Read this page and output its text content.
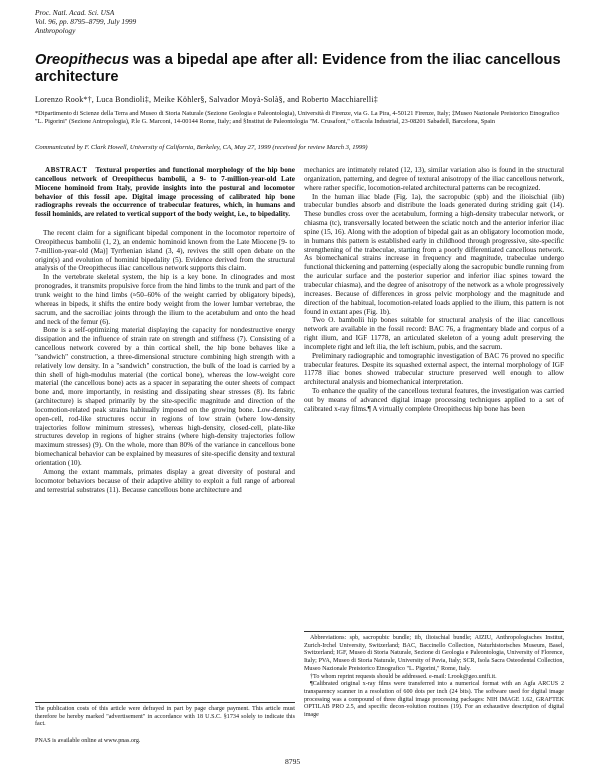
Proc. Natl. Acad. Sci. USA
Vol. 96, pp. 8795–8799, July 1999
Anthropology
Oreopithecus was a bipedal ape after all: Evidence from the iliac cancellous architecture
Lorenzo Rook*†, Luca Bondioli‡, Meike Köhler§, Salvador Moyà-Solà§, and Roberto Macchiarelli‡
*Dipartimento di Scienze della Terra and Museo di Storia Naturale (Sezione Geologia e Paleontologia), Università di Firenze, via G. La Pira, 4-50121 Firenze, Italy; ‡Museo Nazionale Preistorico Etnografico "L. Pigorini" (Sezione Antropologia), P.le G. Marconi, 14-00144 Rome, Italy; and §Institut de Paleontologia "M. Crusafont," c/Escola Industrial, 23-08201 Sabadell, Barcelona, Spain
Communicated by F. Clark Howell, University of California, Berkeley, CA, May 27, 1999 (received for review March 3, 1999)
ABSTRACT Textural properties and functional morphology of the hip bone cancellous network of Oreopithecus bambolii, a 9- to 7-million-year-old Late Miocene hominoid from Italy, provide insights into the postural and locomotor behavior of this fossil ape. Digital image processing of calibrated hip bone radiographs reveals the occurrence of trabecular features, which, in humans and fossil hominids, are related to vertical support of the body weight, i.e., to bipedality.

The recent claim for a significant bipedal component in the locomotor repertoire of Oreopithecus bambolii (1, 2), an endemic hominoid known from the Late Miocene [9- to 7-million-year-old (Ma)] Tyrrhenian island (3, 4), revives the still open debate on the origin(s) and evolution of hominid bipedality (5). Evidence derived from the structural analysis of the Oreopithecus iliac cancellous network supports this claim.

In the vertebrate skeletal system, the hip is a key bone. In clinogrades and most pronogrades, it transmits propulsive force from the hind limbs to the trunk and part of the trunk weight to the hind limbs (≈50–60% of the weight carried by obligatory bipeds), whereas in bipeds, it shifts the entire body weight from the lower lumbar vertebrae, the sacrum, and the sacroiliac joints through the ilium to the acetabulum and onto the head and neck of the femur (6).

Bone is a self-optimizing material displaying the capacity for nondestructive energy dissipation and the influence of strain rate on strength and stiffness (7). Consisting of a cancellous network covered by a thin cortical shell, the hip bone behaves like a "sandwich" construction, a three-dimensional structure combining high strength with a relatively low density. In a "sandwich" construction, the bulk of the load is carried by a thin shell of high-modulus material (the cortical bone), whereas the low-weight core material (the cancellous bone) acts as a spacer in separating the outer sheets of compact bone and, more importantly, in resisting and dissipating shear stresses (8). Its fabric (architecture) is shaped primarily by the site-specific magnitude and direction of the locomotion-related peak strains habitually imposed on the growing bone. Low-density, open-cell, rod-like structures occur in regions of low strain (where low-density trajectories follow minimum stresses), whereas high-density, closed-cell, plate-like structures develop in regions of higher strains (where high-density trajectories follow maximum stresses) (9). On the whole, more than 80% of the variance in cancellous bone biomechanical behavior can be explained by measures of site-specific density and textural orientation (10).

Among the extant mammals, primates display a great diversity of postural and locomotor behaviors because of their adaptive ability to exploit a full range of arboreal and terrestrial substrates (11). Because cancellous bone architecture and

The publication costs of this article were defrayed in part by page charge payment. This article must therefore be hereby marked "advertisement" in accordance with 18 U.S.C. §1734 solely to indicate this fact.
PNAS is available online at www.pnas.org.

mechanics are intimately related (12, 13), similar variation also is found in the structural organization, patterning, and degree of textural anisotropy of the iliac cancellous network, where rather specific, locomotion-related architectural patterns can be recognized.

In the human iliac blade (Fig. 1a), the sacropubic (spb) and the ilioischial (iib) trabecular bundles absorb and distribute the loads generated during striding gait (14). These bundles cross over the acetabulum, forming a high-density trabecular network, or chiasma (tc), transversally located between the sciatic notch and the anterior inferior iliac spine (15, 16). Along with the adoption of bipedal gait as an obligatory locomotion mode, in humans this pattern is established early in childhood through progressive, site-specific strengthening of the trabeculae, starting from a poorly differentiated cancellous network. As biomechanical strains increase in frequency and magnitude, trabeculae undergo functional thickening and patterning (especially along the sacropubic bundle running from the auricular surface and the posterior superior and inferior iliac spines toward the trabecular chiasma), and the degree of anisotropy of the network as a whole progressively increases. Because of differences in gross pelvic morphology and the magnitude and direction of the habitual, locomotion-related loads applied to the ilium, this pattern is not found in extant apes (Fig. 1b).

Two O. bambolii hip bones suitable for structural analysis of the iliac cancellous network are available in the fossil record: BAC 76, a fragmentary blade and corpus of a right ilium, and IGF 11778, an articulated skeleton of a young adult preserving the incomplete right and left ilia, the left ischium, pubis, and the sacrum.

Preliminary radiographic and tomographic investigation of BAC 76 proved no specific trabecular features. Despite its squashed external aspect, the internal morphology of IGF 11778 iliac bones showed trabecular structure preserved well enough to allow architectural analysis and biomechanical interpretation.

To enhance the quality of the cancellous textural features, the investigation was carried out by means of advanced digital image processing techniques applied to a set of calibrated x-ray films.¶ A virtually complete Oreopithecus hip bone has been

Abbreviations: spb, sacropubic bundle; iib, ilioischial bundle; AIZIU, Anthropologisches Institut, Zurich-Irchel University, Switzerland; BAC, Baccinello Collection, Naturhistorisches Museum, Basel, Switzerland; IGF, Museo di Storia Naturale, Sezione di Geologia e Paleontologia, University of Florence, Italy; PVA, Museo di Storia Naturale, University of Pavia, Italy; SCR, Isola Sacra Osteodental Collection, Museo Nazionale Preistorico Etnografico "L. Pigorini," Rome, Italy.
†To whom reprint requests should be addressed. e-mail: Lrook@geo.unifi.it.
¶Calibrated original x-ray films were transferred into a numerical format with an Agfa ARCUS 2 transparency scanner in a resolution of 600 dots per inch (24 bits). The software used for digital image processing was a compound of three digital image processing packages: NIH IMAGE 1.62, GRAFTEK OPTILAB PRO 2.5, and specific decon-volution routines (19). For an exhaustive description of digital image
8795
